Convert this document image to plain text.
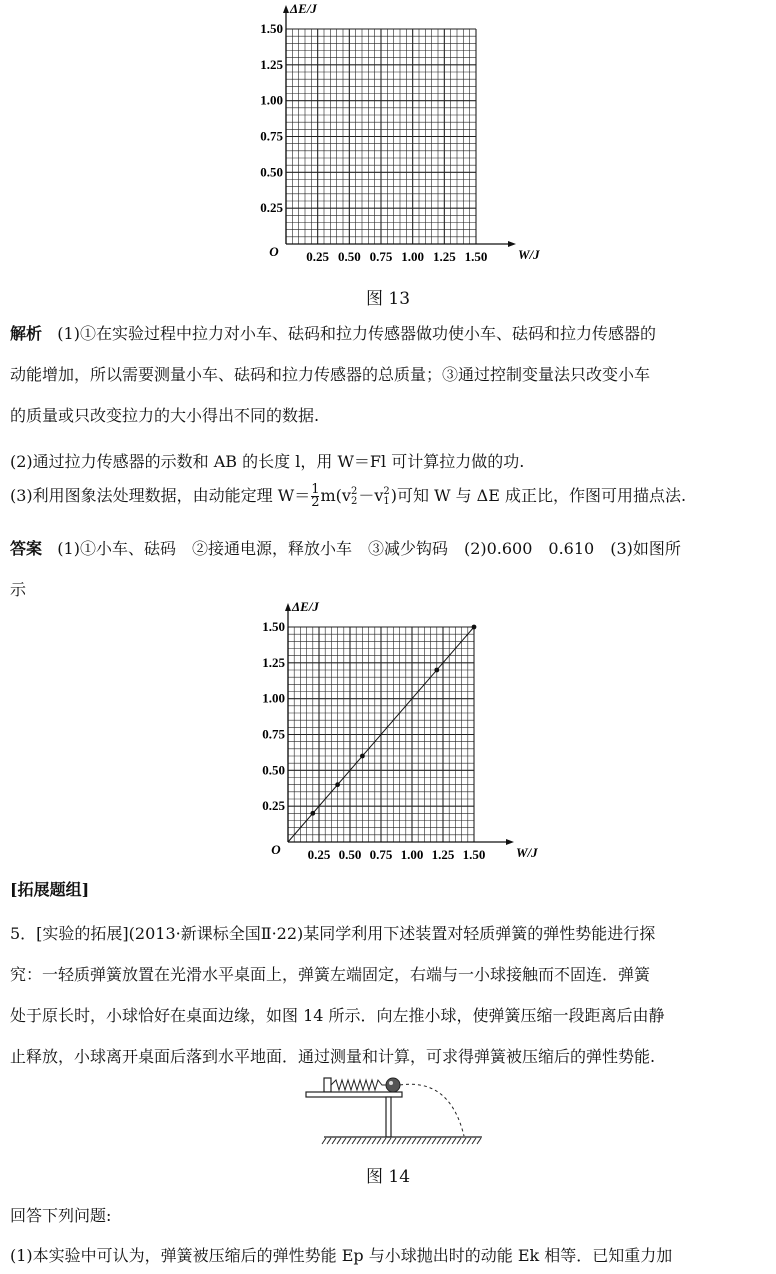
0.25 0.50 0.75 1.00 1.25 1.50
0.25
0.50
0.75
1.00
1.25
1.50
O	W/J
ΔE/J
图 13
解析 (1)①在实验过程中拉力对小车、砝码和拉力传感器做功使小车、砝码和拉力传感器的
动能增加，所以需要测量小车、砝码和拉力传感器的总质量；③通过控制变量法只改变小车
的质量或只改变拉力的大小得出不同的数据.
(2)通过拉力传感器的示数和 AB 的长度 l，用 W＝Fl 可计算拉力做的功.
(3)利用图象法处理数据，由动能定理 $W= \frac{1}{2} m(v$ 2
2 －v 2
1 )可知 W 与 ΔE 成正比，作图可用描点法.
答案 (1)①小车、砝码　②接通电源，释放小车　③减少钩码　(2)0.600　0.610　(3)如图所
示
0.25 0.50 0.75 1.00 1.25 1.50
0.25
0.50
0.75
1.00
1.25
1.50
O	W/J
ΔE/J
[拓展题组]
5．[实验的拓展](2013·新课标全国Ⅱ·22)某同学利用下述装置对轻质弹簧的弹性势能进行探
究：一轻质弹簧放置在光滑水平桌面上，弹簧左端固定，右端与一小球接触而不固连．弹簧
处于原长时，小球恰好在桌面边缘，如图 14 所示．向左推小球，使弹簧压缩一段距离后由静
止释放，小球离开桌面后落到水平地面．通过测量和计算，可求得弹簧被压缩后的弹性势能.
图 14
回答下列问题:
(1)本实验中可认为，弹簧被压缩后的弹性势能 Ep 与小球抛出时的动能 Ek 相等．已知重力加
